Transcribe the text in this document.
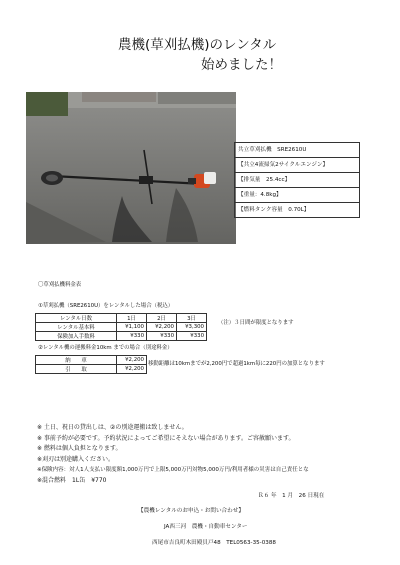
農機(草刈払機)のレンタル
始めました！
共立草刈払機　SRE2610U
【共立4流掃気2サイクルエンジン】
【排気量　25.4cc】
【重量：4.8kg】
【燃料タンク容量　0.70L】
〇草刈払機料金表
①草刈払機（SRE2610U）をレンタルした場合（税込）
レンタル日数	1日	2日	3日
レンタル基本料	¥1,100	¥2,200	¥3,300
保険加入手数料	¥330	¥330	¥330
（注）３日間が限度となります
②レンタル機の運搬料金10km までの場合（別途料金）
納　　車	¥2,200
引　　取	¥2,200
移動距離は10kmまでが2,200円で超過1km毎に220円の加算となります
※ 土日、祝日の貸出しは、②の別途運搬は致しません。
※ 事前予約が必要です。予約状況によってご希望にそえない場合があります。ご容赦願います。
※ 燃料は個人負担となります。
※刈刃は別途購入ください。
※保険内容：対人1人支払い限度額1,000万円で上限5,000万円対物5,000万円/利用者様の災害は自己責任とな
※混合燃料　1L缶　¥770
Ｒ６ 年　1 月　26 日現在
【農機レンタルのお申込・お問い合わせ】
JA西三河　農機・自動車センター
西尾市吉良町木田殿貝戸48　TEL0563-35-0388
